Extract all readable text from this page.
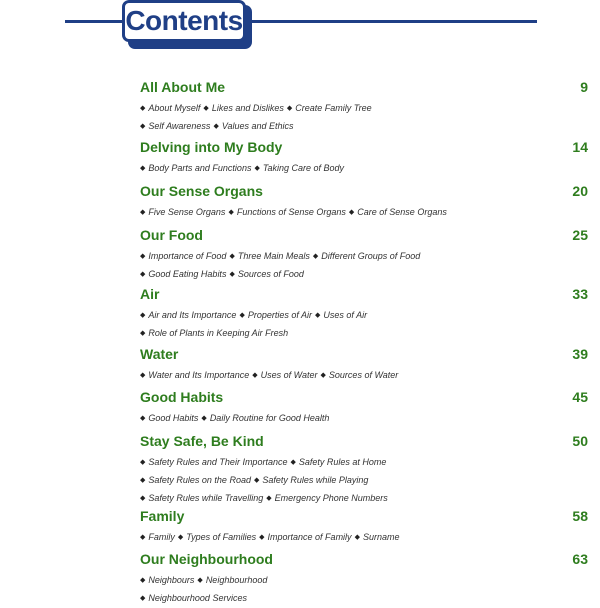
Contents
All About Me	9
◆ About Myself ◆ Likes and Dislikes ◆ Create Family Tree
◆ Self Awareness ◆ Values and Ethics
Delving into My Body	14
◆ Body Parts and Functions ◆ Taking Care of Body
Our Sense Organs	20
◆ Five Sense Organs ◆ Functions of Sense Organs ◆ Care of Sense Organs
Our Food	25
◆ Importance of Food ◆ Three Main Meals ◆ Different Groups of Food
◆ Good Eating Habits ◆ Sources of Food
Air	33
◆ Air and Its Importance ◆ Properties of Air ◆ Uses of Air
◆ Role of Plants in Keeping Air Fresh
Water	39
◆ Water and Its Importance ◆ Uses of Water ◆ Sources of Water
Good Habits	45
◆ Good Habits ◆ Daily Routine for Good Health
Stay Safe, Be Kind	50
◆ Safety Rules and Their Importance ◆ Safety Rules at Home
◆ Safety Rules on the Road ◆ Safety Rules while Playing
◆ Safety Rules while Travelling ◆ Emergency Phone Numbers
Family	58
◆ Family ◆ Types of Families ◆ Importance of Family ◆ Surname
Our Neighbourhood	63
◆ Neighbours ◆ Neighbourhood
◆ Neighbourhood Services
